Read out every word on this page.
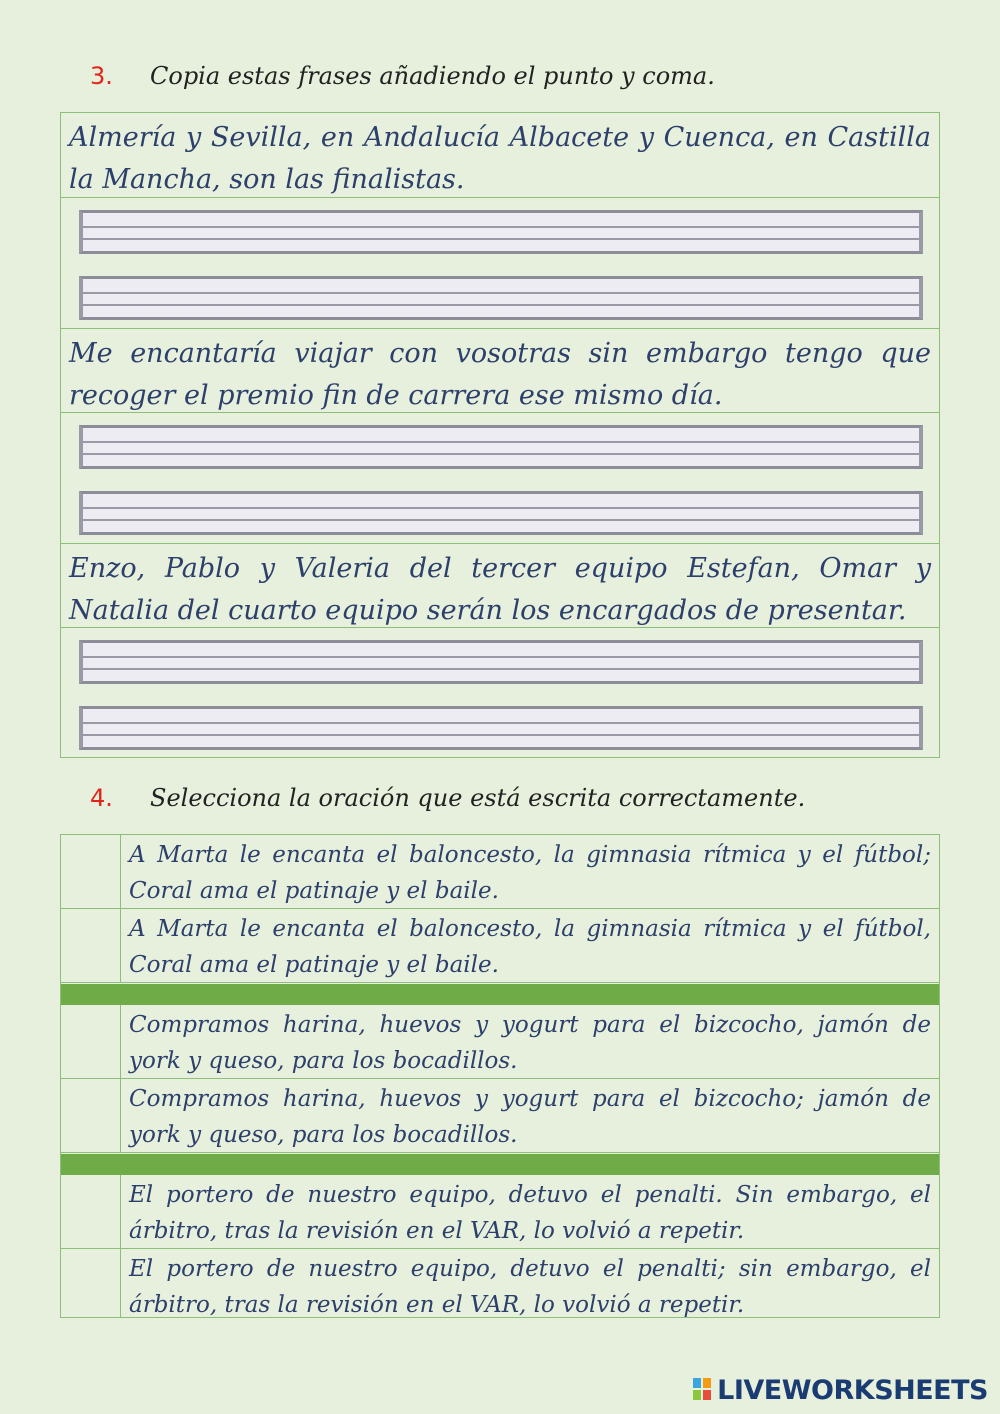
3. Copia estas frases añadiendo el punto y coma.
Almería y Sevilla, en Andalucía Albacete y Cuenca, en Castilla la Mancha, son las finalistas.
Me encantaría viajar con vosotras sin embargo tengo que recoger el premio fin de carrera ese mismo día.
Enzo, Pablo y Valeria del tercer equipo Estefan, Omar y Natalia del cuarto equipo serán los encargados de presentar.
4. Selecciona la oración que está escrita correctamente.
A Marta le encanta el baloncesto, la gimnasia rítmica y el fútbol; Coral ama el patinaje y el baile.
A Marta le encanta el baloncesto, la gimnasia rítmica y el fútbol, Coral ama el patinaje y el baile.
Compramos harina, huevos y yogurt para el bizcocho, jamón de york y queso, para los bocadillos.
Compramos harina, huevos y yogurt para el bizcocho; jamón de york y queso, para los bocadillos.
El portero de nuestro equipo, detuvo el penalti. Sin embargo, el árbitro, tras la revisión en el VAR, lo volvió a repetir.
El portero de nuestro equipo, detuvo el penalti; sin embargo, el árbitro, tras la revisión en el VAR, lo volvió a repetir.
LIVEWORKSHEETS
